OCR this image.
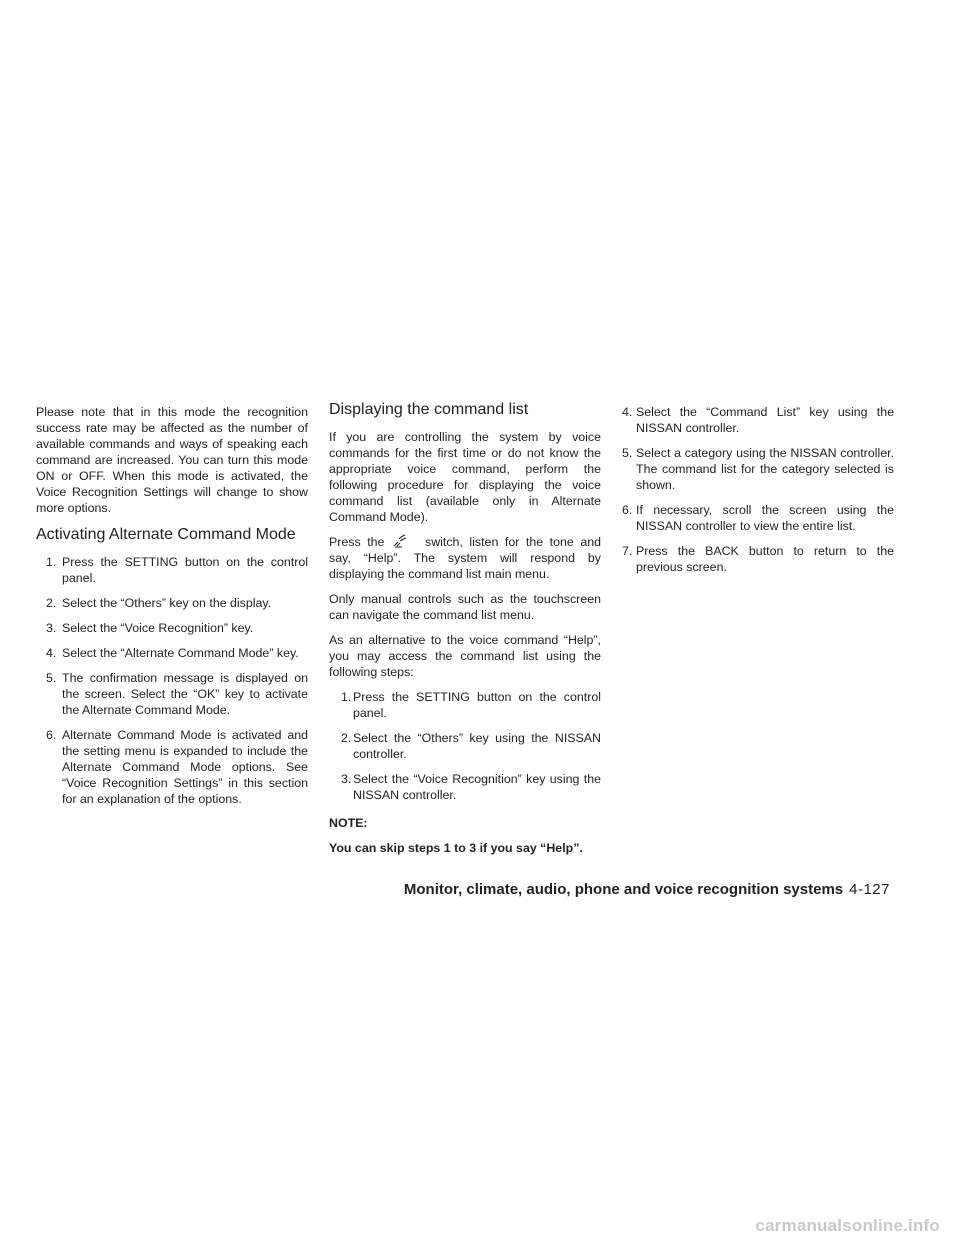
Please note that in this mode the recognition success rate may be affected as the number of available commands and ways of speaking each command are increased. You can turn this mode ON or OFF. When this mode is activated, the Voice Recognition Settings will change to show more options.

Activating Alternate Command Mode
1. Press the SETTING button on the control panel.
2. Select the “Others” key on the display.
3. Select the “Voice Recognition” key.
4. Select the “Alternate Command Mode” key.
5. The confirmation message is displayed on the screen. Select the “OK” key to activate the Alternate Command Mode.
6. Alternate Command Mode is activated and the setting menu is expanded to include the Alternate Command Mode options. See “Voice Recognition Settings” in this section for an explanation of the options.
Displaying the command list

If you are controlling the system by voice commands for the first time or do not know the appropriate voice command, perform the following procedure for displaying the voice command list (available only in Alternate Command Mode).

Press the	switch, listen for the tone and say, “Help”. The system will respond by displaying the command list main menu.

Only manual controls such as the touchscreen can navigate the command list menu.

As an alternative to the voice command “Help”, you may access the command list using the following steps:

1. Press the SETTING button on the control panel.
2. Select the “Others” key using the NISSAN controller.
3. Select the “Voice Recognition” key using the NISSAN controller.

NOTE:

You can skip steps 1 to 3 if you say “Help”.

4. Select the “Command List” key using the NISSAN controller.
5. Select a category using the NISSAN controller. The command list for the category selected is shown.
6. If necessary, scroll the screen using the NISSAN controller to view the entire list.
7. Press the BACK button to return to the previous screen.
Monitor, climate, audio, phone and voice recognition systems 4-127
carmanualsonline.info
